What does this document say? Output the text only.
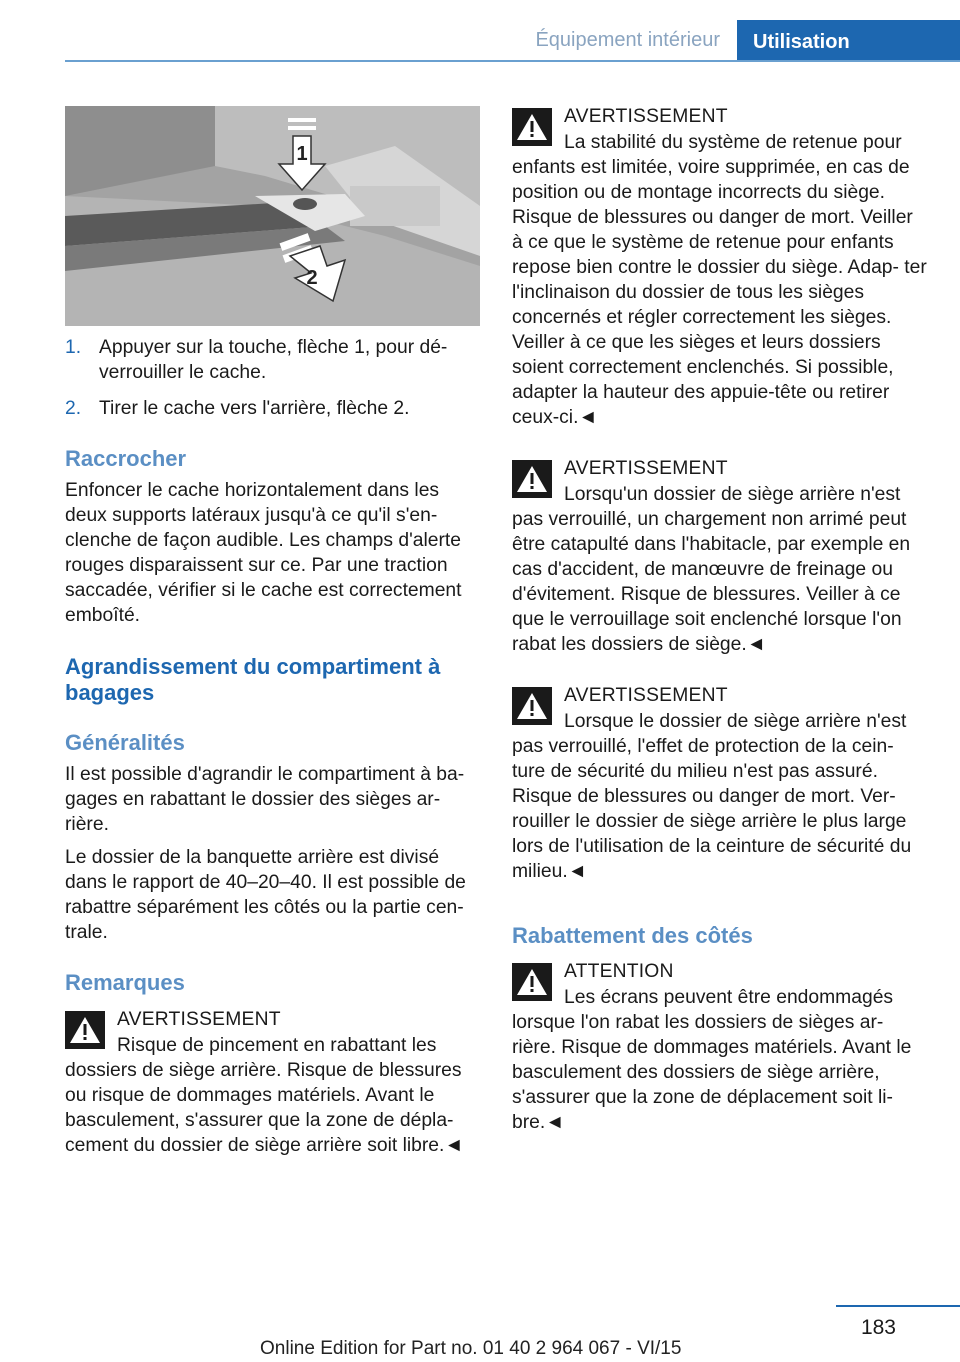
Équipement intérieur	Utilisation
1
2
1. Appuyer sur la touche, flèche 1, pour dé‐ verrouiller le cache.
2. Tirer le cache vers l'arrière, flèche 2.
Raccrocher

Enfoncer le cache horizontalement dans les deux supports latéraux jusqu'à ce qu'il s'en‐ clenche de façon audible. Les champs d'alerte rouges disparaissent sur ce. Par une traction saccadée, vérifier si le cache est correctement emboîté.

Agrandissement du compartiment à bagages
Généralités

Il est possible d'agrandir le compartiment à ba‐ gages en rabattant le dossier des sièges ar‐ rière.

Le dossier de la banquette arrière est divisé dans le rapport de 40–20–40. Il est possible de rabattre séparément les côtés ou la partie cen‐ trale.

Remarques
AVERTISSEMENT
Risque de pincement en rabattant les dossiers de siège arrière. Risque de blessures ou risque de dommages matériels. Avant le basculement, s'assurer que la zone de dépla‐ cement du dossier de siège arrière soit libre.◄
AVERTISSEMENT
La stabilité du système de retenue pour enfants est limitée, voire supprimée, en cas de position ou de montage incorrects du siège. Risque de blessures ou danger de mort. Veiller à ce que le système de retenue pour enfants repose bien contre le dossier du siège. Adap‐ ter l'inclinaison du dossier de tous les sièges concernés et régler correctement les sièges. Veiller à ce que les sièges et leurs dossiers soient correctement enclenchés. Si possible, adapter la hauteur des appuie-tête ou retirer ceux-ci.◄
AVERTISSEMENT
Lorsqu'un dossier de siège arrière n'est pas verrouillé, un chargement non arrimé peut être catapulté dans l'habitacle, par exemple en cas d'accident, de manœuvre de freinage ou d'évitement. Risque de blessures. Veiller à ce que le verrouillage soit enclenché lorsque l'on rabat les dossiers de siège.◄
AVERTISSEMENT
Lorsque le dossier de siège arrière n'est pas verrouillé, l'effet de protection de la cein‐ ture de sécurité du milieu n'est pas assuré. Risque de blessures ou danger de mort. Ver‐ rouiller le dossier de siège arrière le plus large lors de l'utilisation de la ceinture de sécurité du milieu.◄
Rabattement des côtés
ATTENTION
Les écrans peuvent être endommagés lorsque l'on rabat les dossiers de sièges ar‐ rière. Risque de dommages matériels. Avant le basculement des dossiers de siège arrière, s'assurer que la zone de déplacement soit li‐ bre.◄
183
Online Edition for Part no. 01 40 2 964 067 - VI/15
